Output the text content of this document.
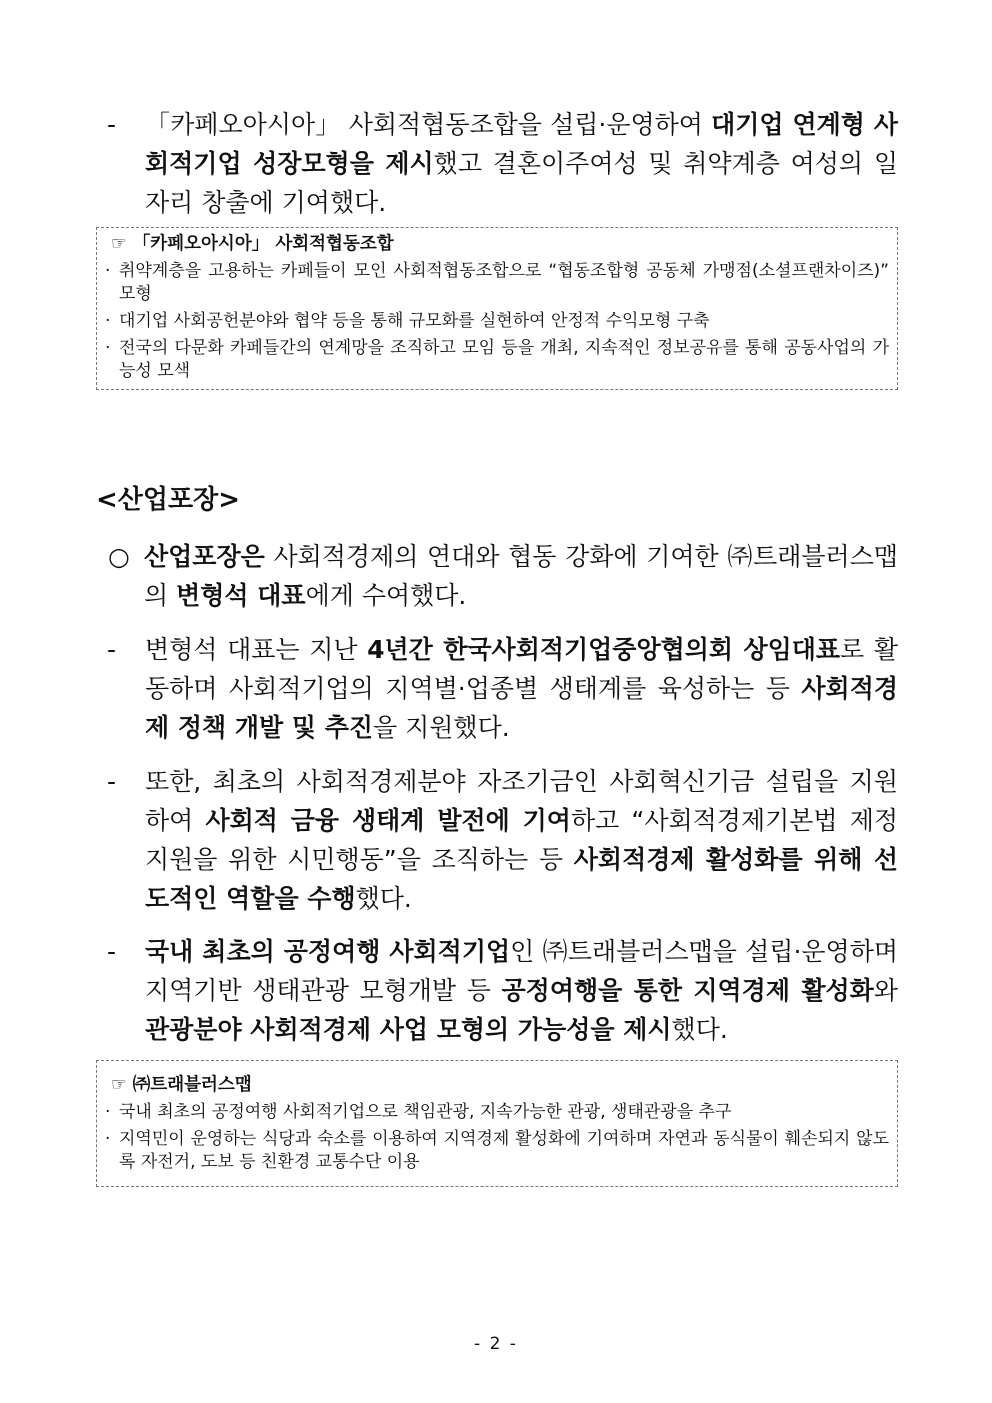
-	「카페오아시아」 사회적협동조합을 설립·운영하여 대기업 연계형 사회적기업 성장모형을 제시했고 결혼이주여성 및 취약계층 여성의 일자리 창출에 기여했다.
☞ 「카페오아시아」 사회적협동조합
· 취약계층을 고용하는 카페들이 모인 사회적협동조합으로 “협동조합형 공동체 가맹점(소셜프랜차이즈)” 모형
· 대기업 사회공헌분야와 협약 등을 통해 규모화를 실현하여 안정적 수익모형 구축
· 전국의 다문화 카페들간의 연계망을 조직하고 모임 등을 개최, 지속적인 정보공유를 통해 공동사업의 가능성 모색
<산업포장>
○ 산업포장은 사회적경제의 연대와 협동 강화에 기여한 ㈜트래블러스맵의 변형석 대표에게 수여했다.
-	변형석 대표는 지난 4년간 한국사회적기업중앙협의회 상임대표로 활동하며 사회적기업의 지역별·업종별 생태계를 육성하는 등 사회적경제 정책 개발 및 추진을 지원했다.
-	또한, 최초의 사회적경제분야 자조기금인 사회혁신기금 설립을 지원하여 사회적 금융 생태계 발전에 기여하고 “사회적경제기본법 제정 지원을 위한 시민행동”을 조직하는 등 사회적경제 활성화를 위해 선도적인 역할을 수행했다.
-	국내 최초의 공정여행 사회적기업인 ㈜트래블러스맵을 설립·운영하며 지역기반 생태관광 모형개발 등 공정여행을 통한 지역경제 활성화와 관광분야 사회적경제 사업 모형의 가능성을 제시했다.
☞ ㈜트래블러스맵
· 국내 최초의 공정여행 사회적기업으로 책임관광, 지속가능한 관광, 생태관광을 추구
· 지역민이 운영하는 식당과 숙소를 이용하여 지역경제 활성화에 기여하며 자연과 동식물이 훼손되지 않도록 자전거, 도보 등 친환경 교통수단 이용
- 2 -
